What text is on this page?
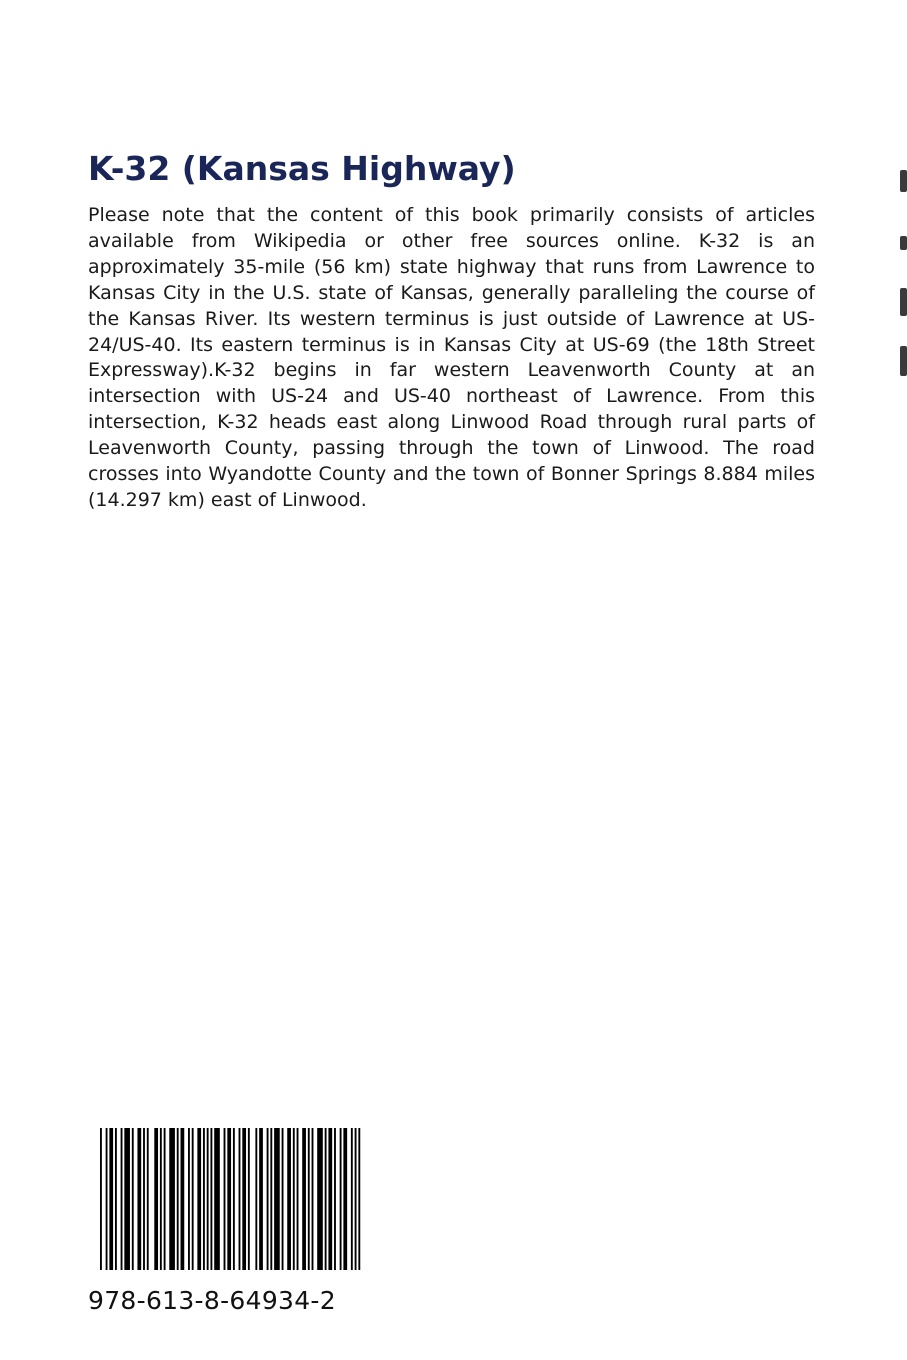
K-32 (Kansas Highway)

Please note that the content of this book primarily consists of articles available from Wikipedia or other free sources online. K-32 is an approximately 35-mile (56 km) state highway that runs from Lawrence to Kansas City in the U.S. state of Kansas, generally paralleling the course of the Kansas River. Its western terminus is just outside of Lawrence at US-24/US-40. Its eastern terminus is in Kansas City at US-69 (the 18th Street Expressway).K-32 begins in far western Leavenworth County at an intersection with US-24 and US-40 northeast of Lawrence. From this intersection, K-32 heads east along Linwood Road through rural parts of Leavenworth County, passing through the town of Linwood. The road crosses into Wyandotte County and the town of Bonner Springs 8.884 miles (14.297 km) east of Linwood.

978-613-8-64934-2
